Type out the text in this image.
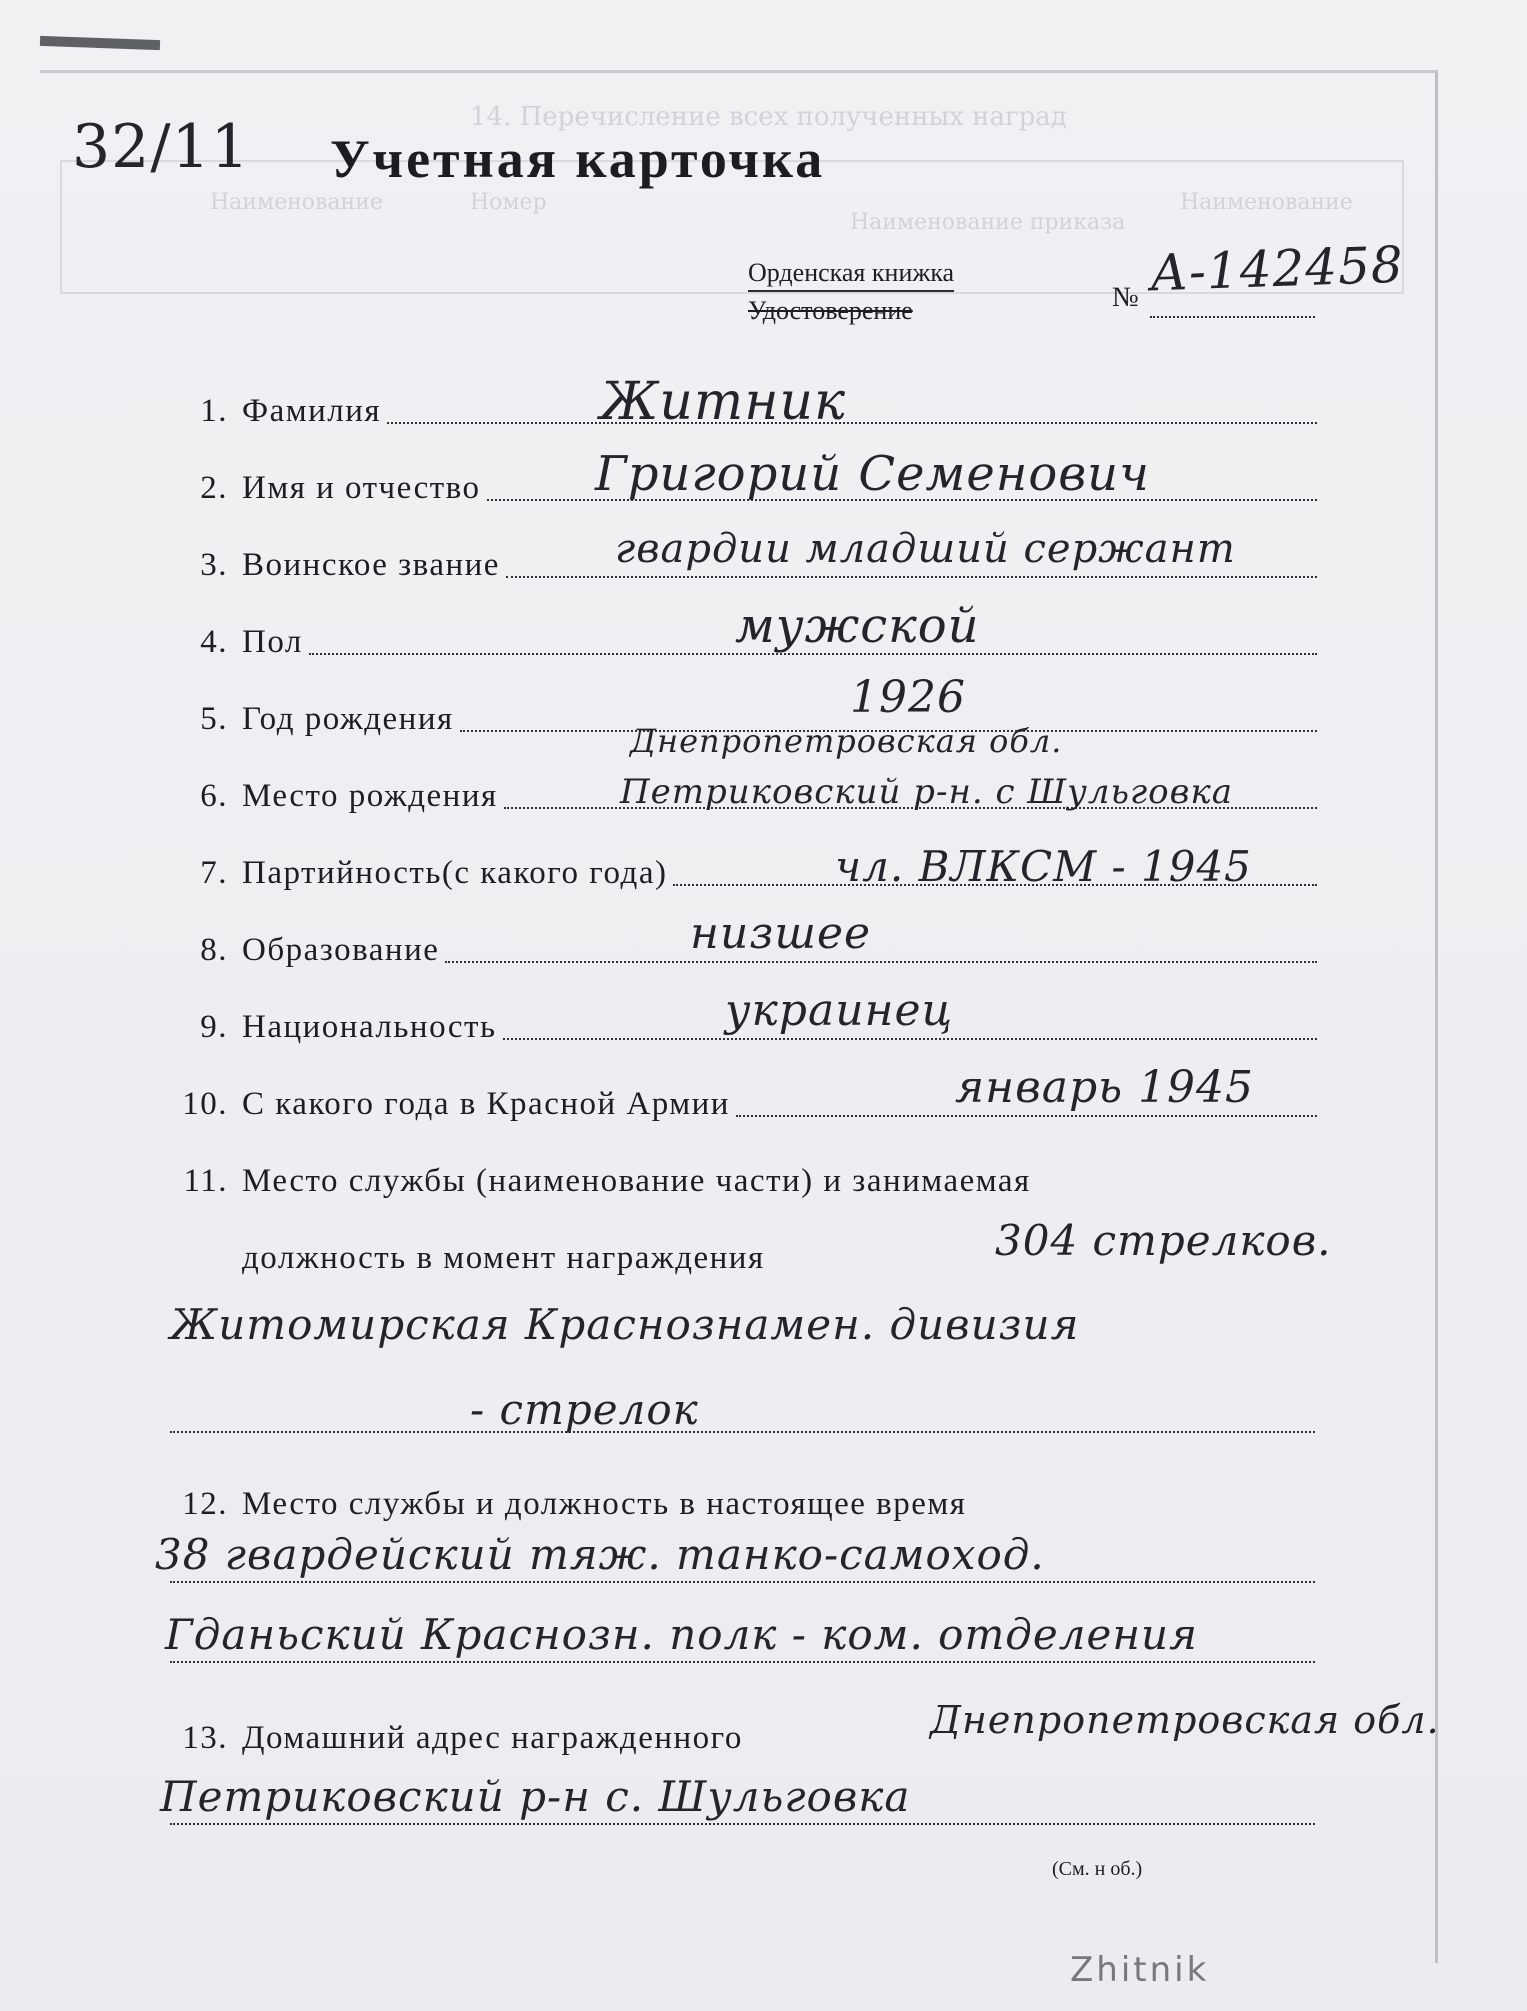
14. Перечисление всех полученных наград
Наименование	Номер
Наименование приказа
Наименование
32/11 Учетная карточка
Орденская книжка
Удостоверение	№ А-142458
1. Фамилия	Житник
2. Имя и отчество Григорий Семенович
3. Воинское звание	гвардии младший сержант
4. Пол	мужской
5. Год рождения	1926
Днепропетровская обл.
6. Место рождения	Петриковский р-н. с Шульговка
7. Партийность(с какого года)	чл. ВЛКСМ - 1945
8. Образование	низшее
9. Национальность	украинец
10. С какого года в Красной Армии	январь 1945
11. Место службы (наименование части) и занимаемая
должность в момент награждения	304 стрелков.
Житомирская Краснознамен. дивизия
- стрелок
12. Место службы и должность в настоящее время
38 гвардейский тяж. танко-самоход.
Гданьский Краснозн. полк - ком. отделения
13. Домашний адрес награжденного	Днепропетровская обл.
Петриковский р-н с. Шульговка
(См. н об.)
Zhitnik
